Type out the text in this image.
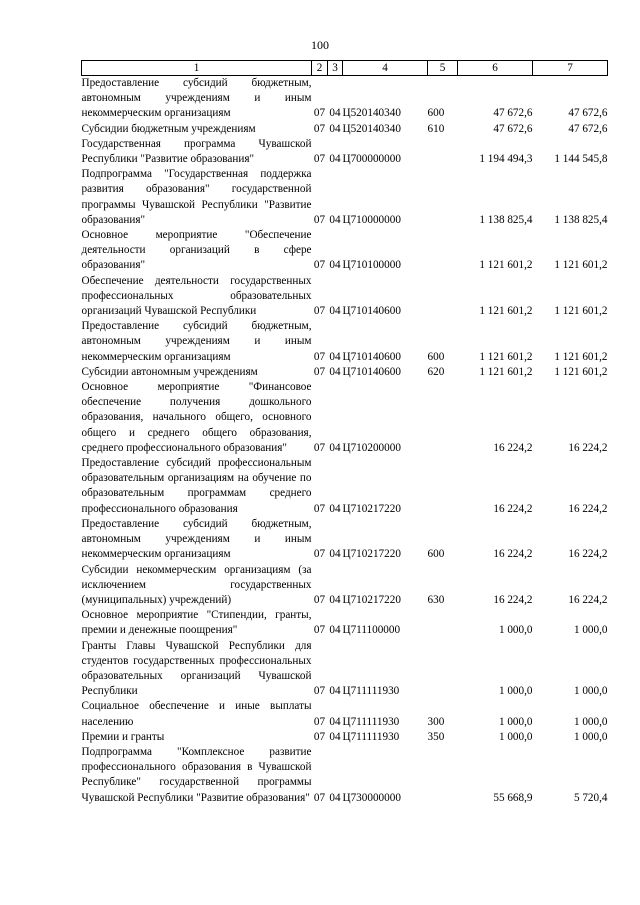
100
1	2	3	4	5	6	7
Предоставление субсидий бюджетным, автономным учреждениям и иным некоммерческим организациям	07	04	Ц520140340	600	47 672,6	47 672,6
Субсидии бюджетным учреждениям	07	04	Ц520140340	610	47 672,6	47 672,6
Государственная программа Чувашской Республики "Развитие образования"	07	04	Ц700000000		1 194 494,3	1 144 545,8
Подпрограмма "Государственная поддержка развития образования" государственной программы Чувашской Республики "Развитие образования"	07	04	Ц710000000		1 138 825,4	1 138 825,4
Основное мероприятие "Обеспечение деятельности организаций в сфере образования"	07	04	Ц710100000		1 121 601,2	1 121 601,2
Обеспечение деятельности государственных профессиональных образовательных организаций Чувашской Республики	07	04	Ц710140600		1 121 601,2	1 121 601,2
Предоставление субсидий бюджетным, автономным учреждениям и иным некоммерческим организациям	07	04	Ц710140600	600	1 121 601,2	1 121 601,2
Субсидии автономным учреждениям	07	04	Ц710140600	620	1 121 601,2	1 121 601,2
Основное мероприятие "Финансовое обеспечение получения дошкольного образования, начального общего, основного общего и среднего общего образования, среднего профессионального образования"	07	04	Ц710200000		16 224,2	16 224,2
Предоставление субсидий профессиональным образовательным организациям на обучение по образовательным программам среднего профессионального образования	07	04	Ц710217220		16 224,2	16 224,2
Предоставление субсидий бюджетным, автономным учреждениям и иным некоммерческим организациям	07	04	Ц710217220	600	16 224,2	16 224,2
Субсидии некоммерческим организациям (за исключением государственных (муниципальных) учреждений)	07	04	Ц710217220	630	16 224,2	16 224,2
Основное мероприятие "Стипендии, гранты, премии и денежные поощрения"	07	04	Ц711100000		1 000,0	1 000,0
Гранты Главы Чувашской Республики для студентов государственных профессиональных образовательных организаций Чувашской Республики	07	04	Ц711111930		1 000,0	1 000,0
Социальное обеспечение и иные выплаты населению	07	04	Ц711111930	300	1 000,0	1 000,0
Премии и гранты	07	04	Ц711111930	350	1 000,0	1 000,0
Подпрограмма "Комплексное развитие профессионального образования в Чувашской Республике" государственной программы Чувашской Республики "Развитие образования"	07	04	Ц730000000		55 668,9	5 720,4
